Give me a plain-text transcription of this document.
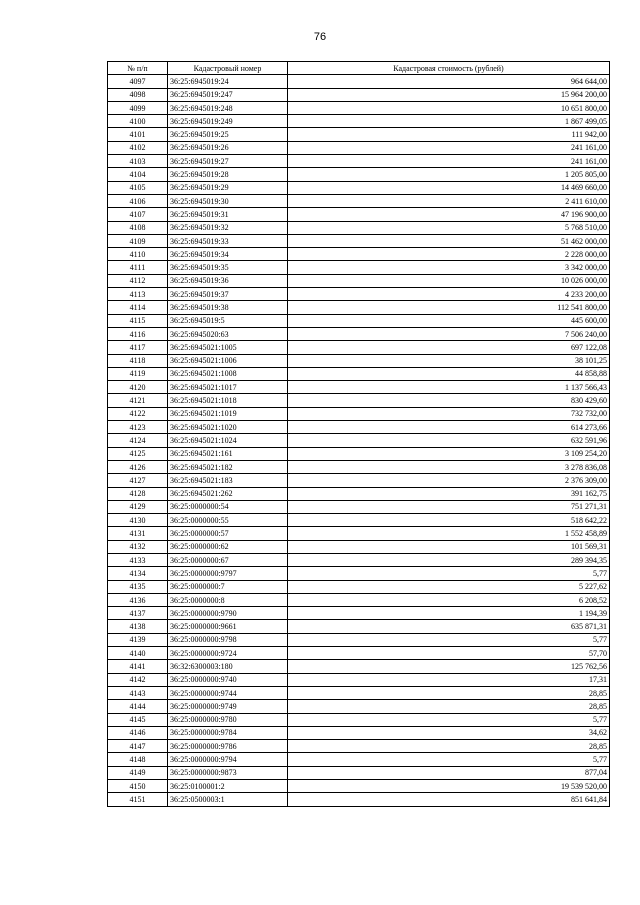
76
№ п/п	Кадастровый номер	Кадастровая стоимость (рублей)
4097	36:25:6945019:24	964 644,00
4098	36:25:6945019:247	15 964 200,00
4099	36:25:6945019:248	10 651 800,00
4100	36:25:6945019:249	1 867 499,05
4101	36:25:6945019:25	111 942,00
4102	36:25:6945019:26	241 161,00
4103	36:25:6945019:27	241 161,00
4104	36:25:6945019:28	1 205 805,00
4105	36:25:6945019:29	14 469 660,00
4106	36:25:6945019:30	2 411 610,00
4107	36:25:6945019:31	47 196 900,00
4108	36:25:6945019:32	5 768 510,00
4109	36:25:6945019:33	51 462 000,00
4110	36:25:6945019:34	2 228 000,00
4111	36:25:6945019:35	3 342 000,00
4112	36:25:6945019:36	10 026 000,00
4113	36:25:6945019:37	4 233 200,00
4114	36:25:6945019:38	112 541 800,00
4115	36:25:6945019:5	445 600,00
4116	36:25:6945020:63	7 506 240,00
4117	36:25:6945021:1005	697 122,08
4118	36:25:6945021:1006	38 101,25
4119	36:25:6945021:1008	44 858,88
4120	36:25:6945021:1017	1 137 566,43
4121	36:25:6945021:1018	830 429,60
4122	36:25:6945021:1019	732 732,00
4123	36:25:6945021:1020	614 273,66
4124	36:25:6945021:1024	632 591,96
4125	36:25:6945021:161	3 109 254,20
4126	36:25:6945021:182	3 278 836,08
4127	36:25:6945021:183	2 376 309,00
4128	36:25:6945021:262	391 162,75
4129	36:25:0000000:54	751 271,31
4130	36:25:0000000:55	518 642,22
4131	36:25:0000000:57	1 552 458,89
4132	36:25:0000000:62	101 569,31
4133	36:25:0000000:67	289 394,35
4134	36:25:0000000:9797	5,77
4135	36:25:0000000:7	5 227,62
4136	36:25:0000000:8	6 208,52
4137	36:25:0000000:9790	1 194,39
4138	36:25:0000000:9661	635 871,31
4139	36:25:0000000:9798	5,77
4140	36:25:0000000:9724	57,70
4141	36:32:6300003:180	125 762,56
4142	36:25:0000000:9740	17,31
4143	36:25:0000000:9744	28,85
4144	36:25:0000000:9749	28,85
4145	36:25:0000000:9780	5,77
4146	36:25:0000000:9784	34,62
4147	36:25:0000000:9786	28,85
4148	36:25:0000000:9794	5,77
4149	36:25:0000000:9873	877,04
4150	36:25:0100001:2	19 539 520,00
4151	36:25:0500003:1	851 641,84
